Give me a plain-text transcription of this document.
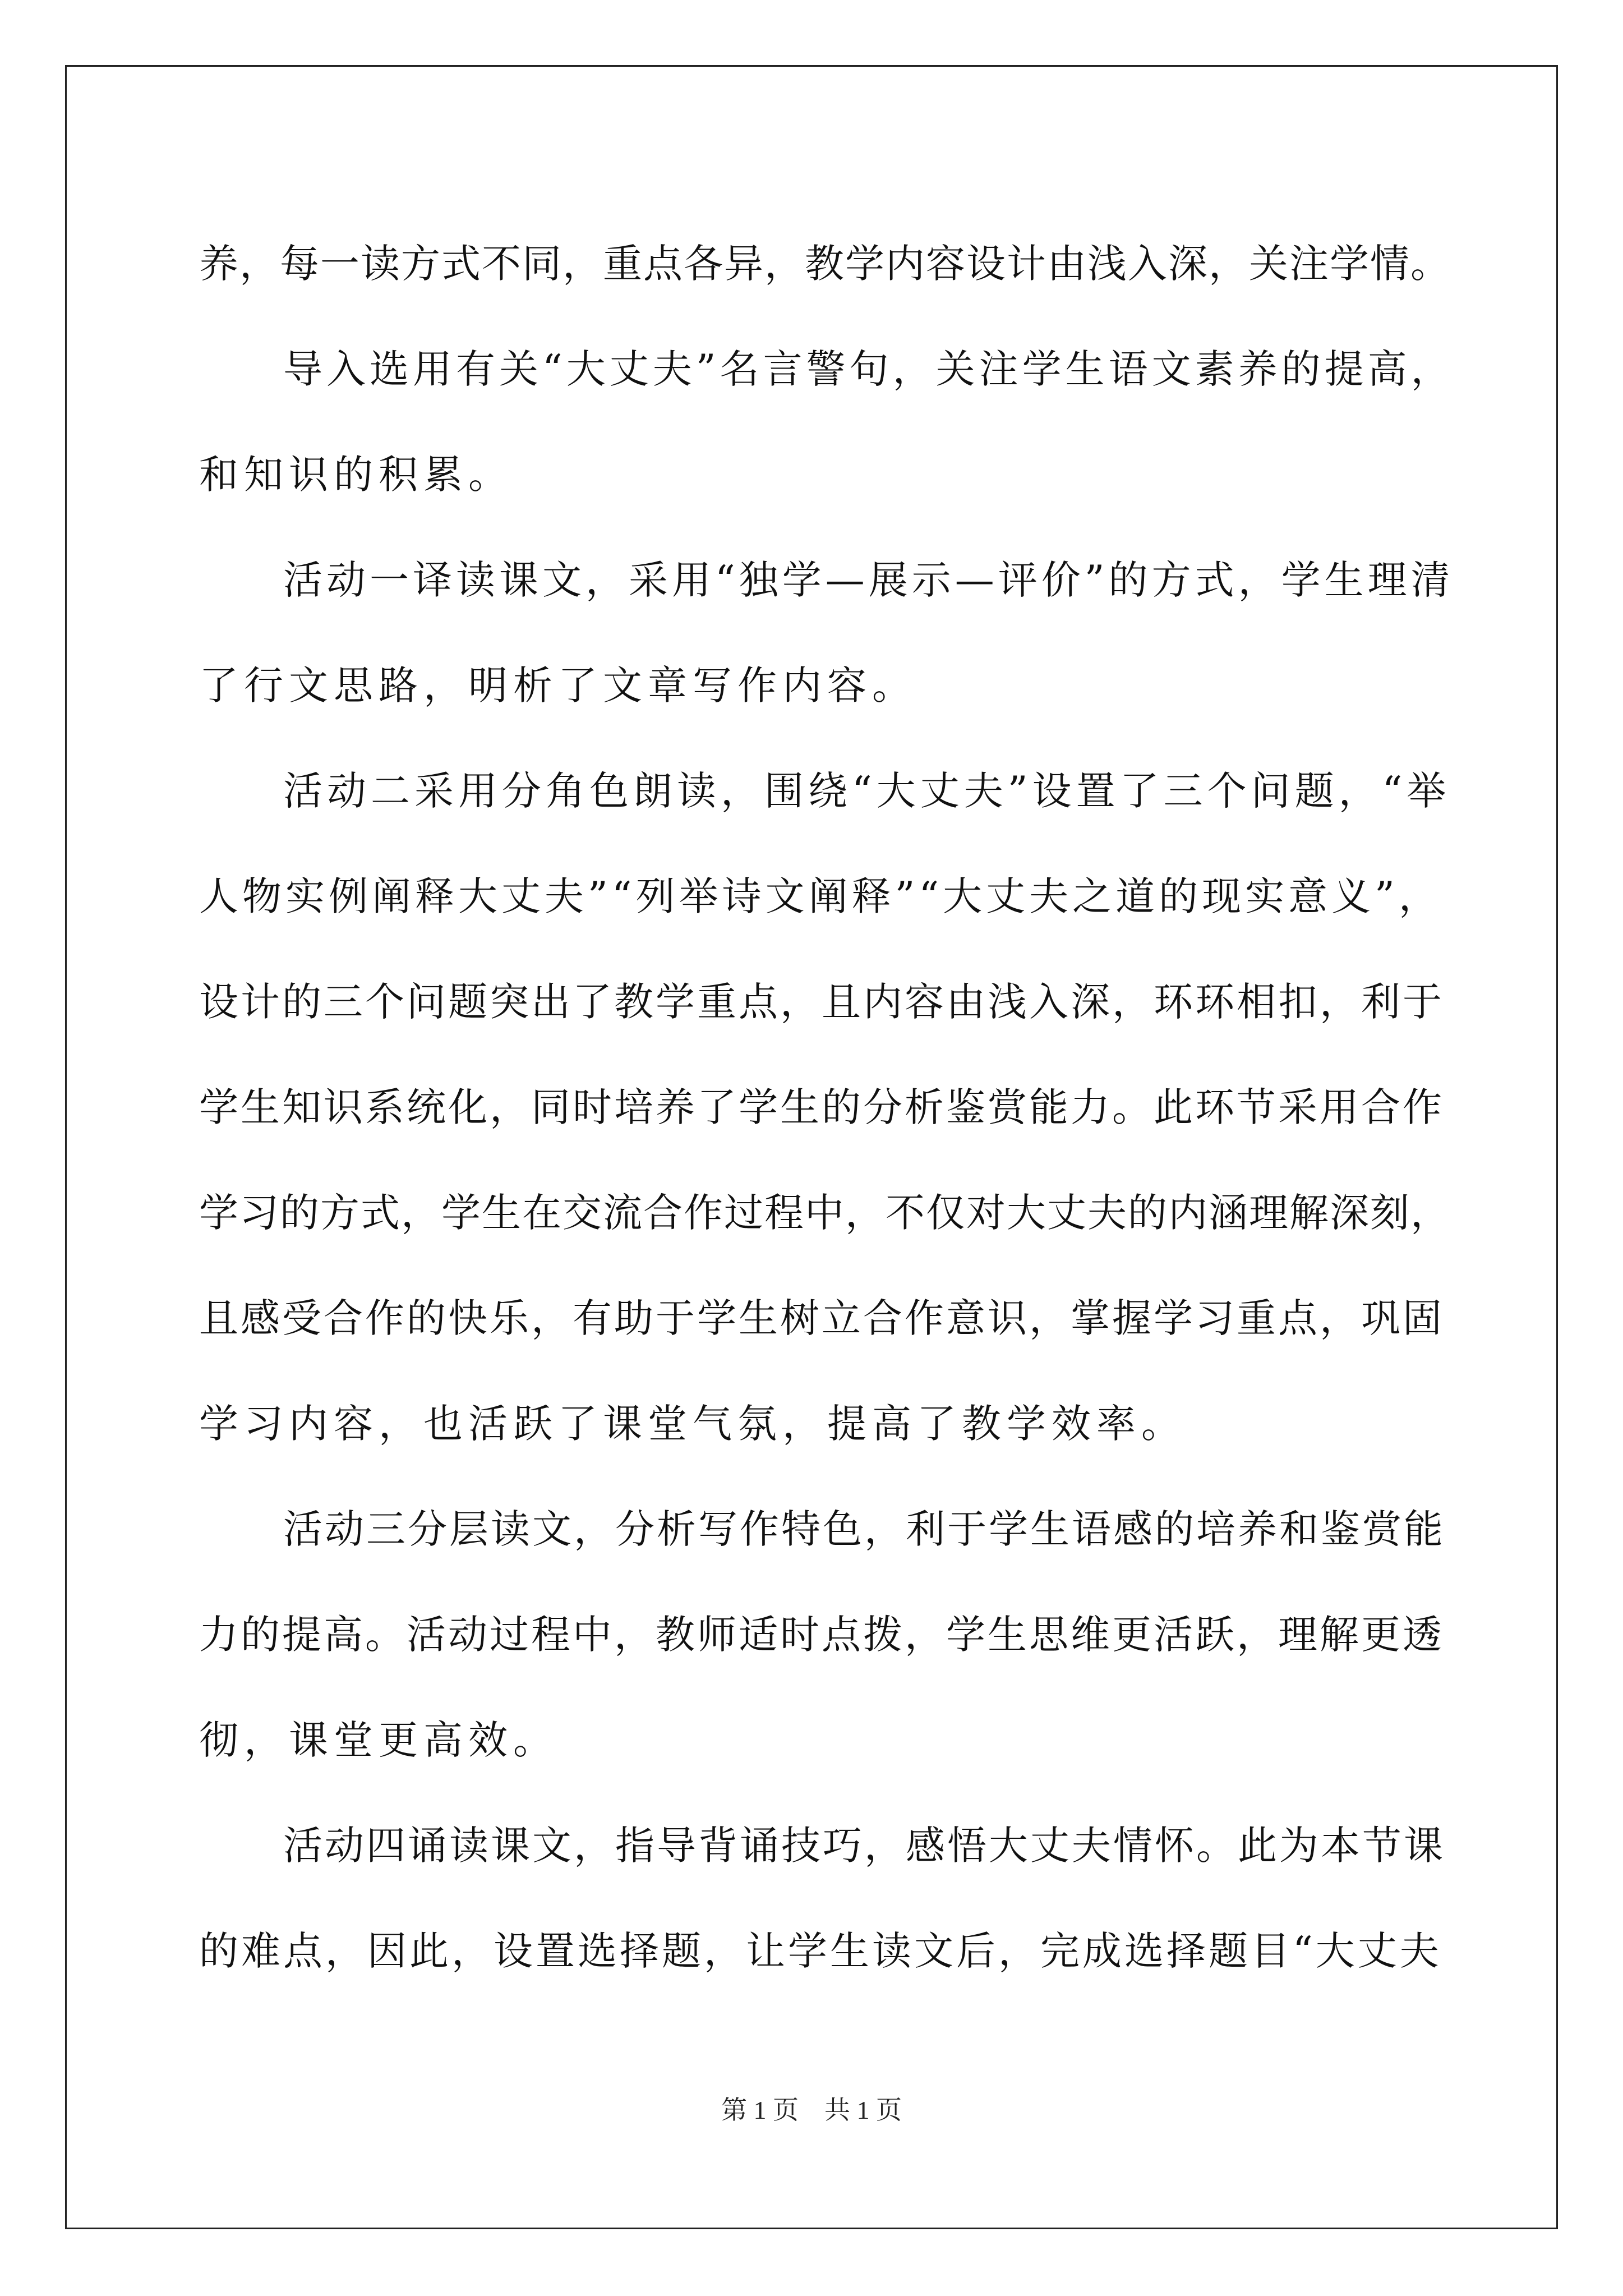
养，每一读方式不同，重点各异，教学内容设计由浅入深，关注学情。
导入选用有关“大丈夫”名言警句，关注学生语文素养的提高，
和知识的积累。
活动一译读课文，采用“独学—展示—评价”的方式，学生理清
了行文思路，明析了文章写作内容。
活动二采用分角色朗读，围绕“大丈夫”设置了三个问题，“举
人物实例阐释大丈夫”“列举诗文阐释”“大丈夫之道的现实意义”，
设计的三个问题突出了教学重点，且内容由浅入深，环环相扣，利于
学生知识系统化，同时培养了学生的分析鉴赏能力。此环节采用合作
学习的方式，学生在交流合作过程中，不仅对大丈夫的内涵理解深刻，
且感受合作的快乐，有助于学生树立合作意识，掌握学习重点，巩固
学习内容，也活跃了课堂气氛，提高了教学效率。
活动三分层读文，分析写作特色，利于学生语感的培养和鉴赏能
力的提高。活动过程中，教师适时点拨，学生思维更活跃，理解更透
彻，课堂更高效。
活动四诵读课文，指导背诵技巧，感悟大丈夫情怀。此为本节课
的难点，因此，设置选择题，让学生读文后，完成选择题目“大丈夫
第 1 页　共 1 页
